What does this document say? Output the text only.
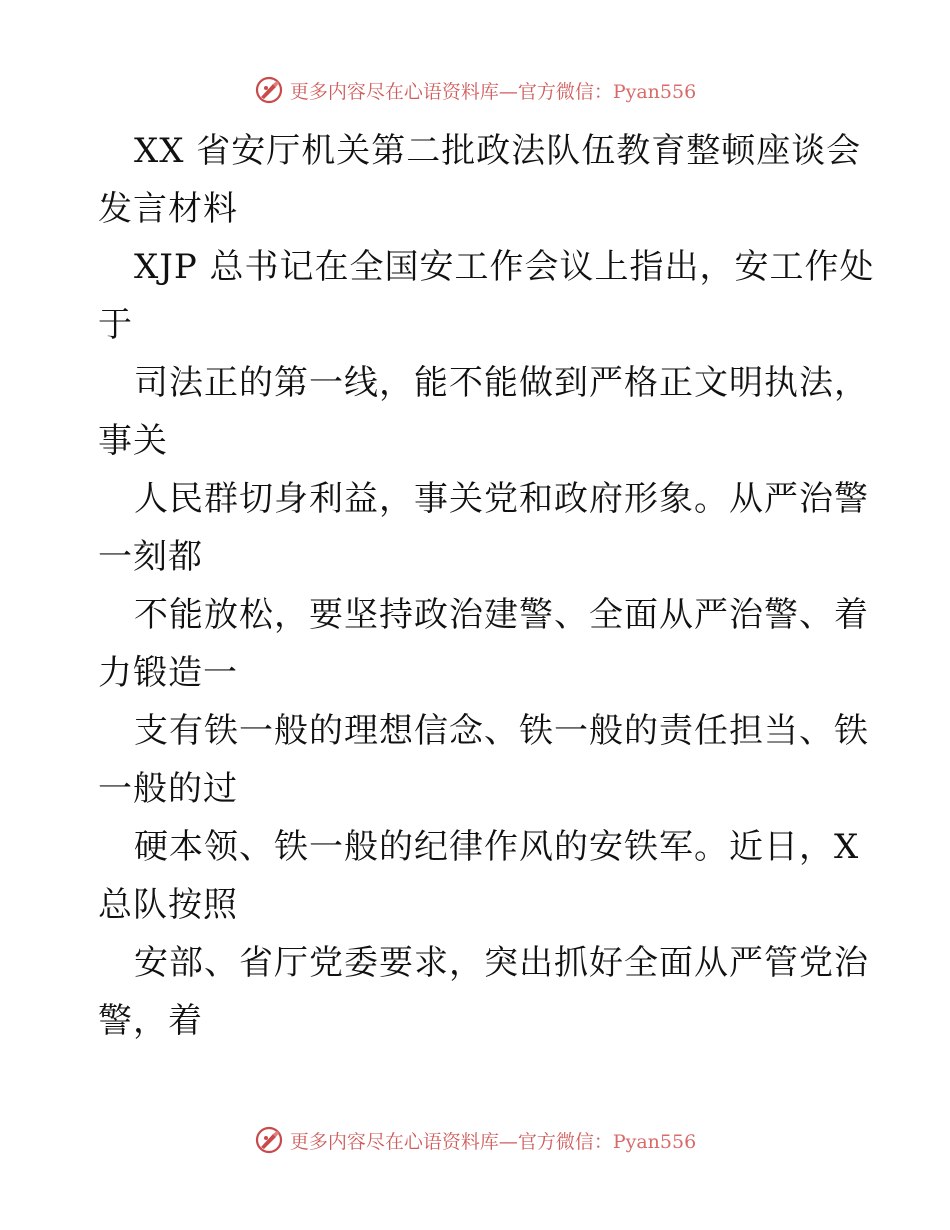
更多内容尽在心语资料库—官方微信：Pyan556
XX 省安厅机关第二批政法队伍教育整顿座谈会
发言材料
XJP 总书记在全国安工作会议上指出，安工作处
于
司法正的第一线，能不能做到严格正文明执法，
事关
人民群切身利益，事关党和政府形象。从严治警
一刻都
不能放松，要坚持政治建警、全面从严治警、着
力锻造一
支有铁一般的理想信念、铁一般的责任担当、铁
一般的过
硬本领、铁一般的纪律作风的安铁军。近日，X
总队按照
安部、省厅党委要求，突出抓好全面从严管党治
警，着
更多内容尽在心语资料库—官方微信：Pyan556
